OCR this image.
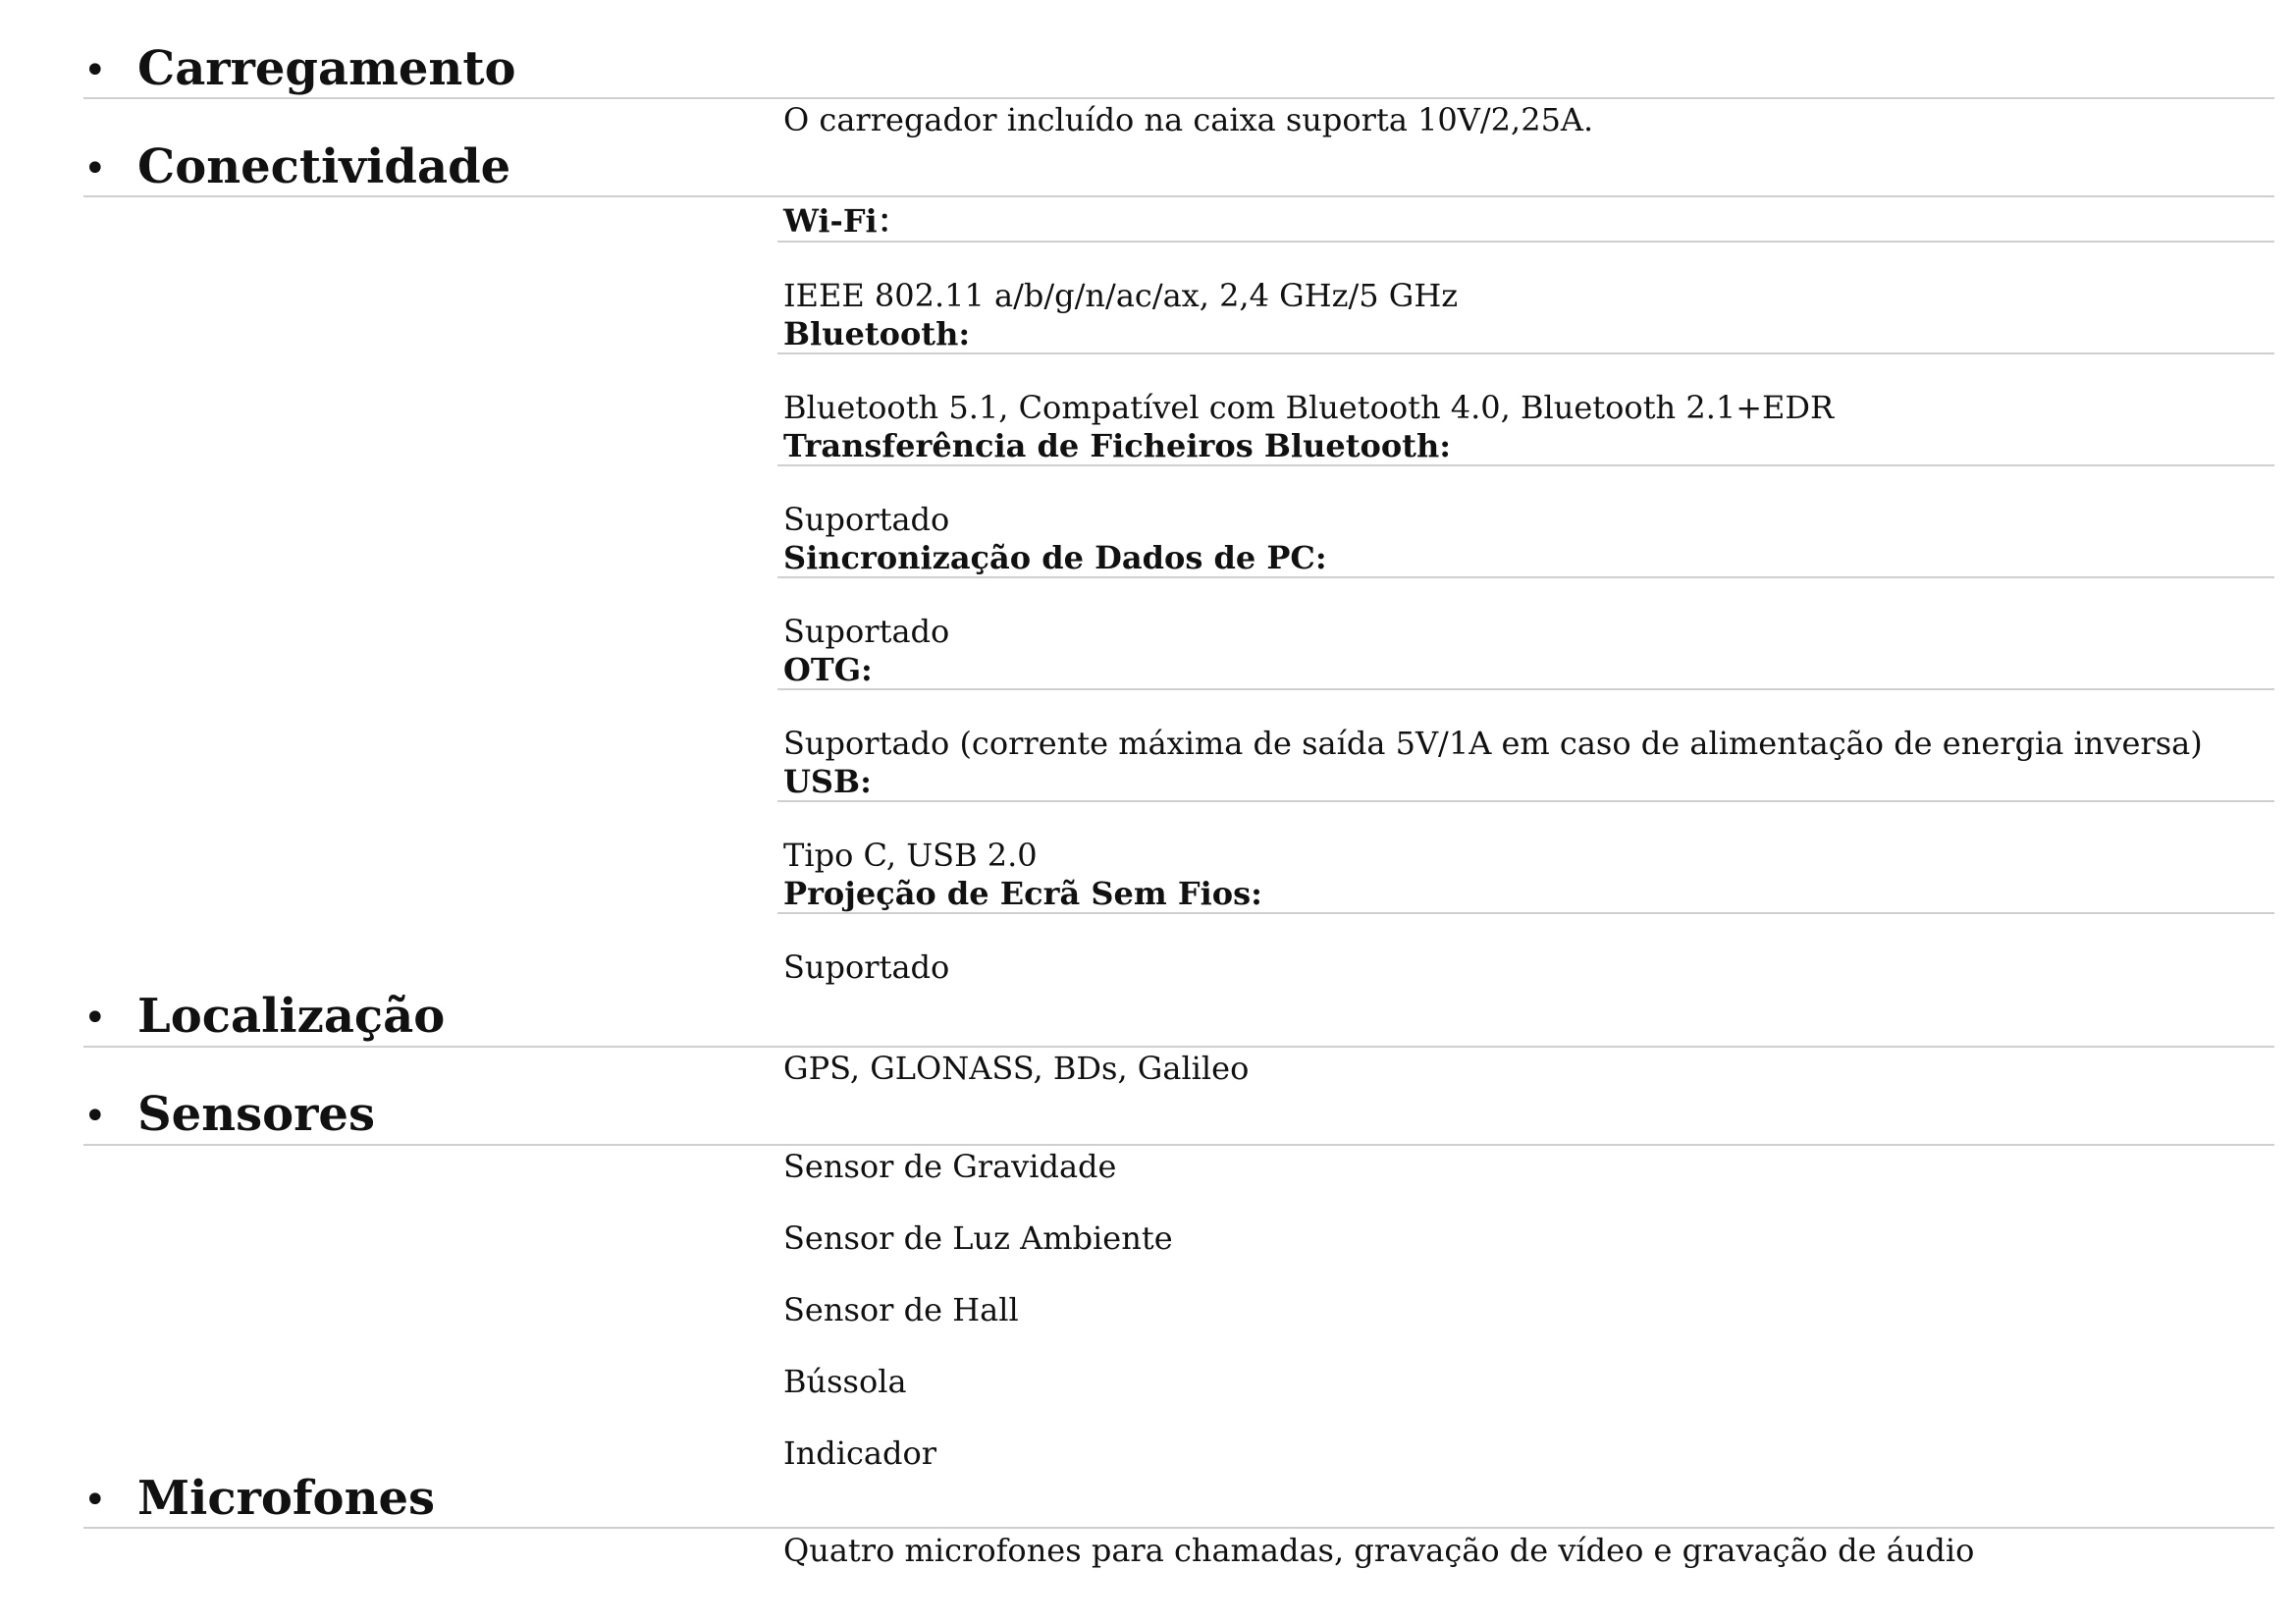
• Carregamento
O carregador incluído na caixa suporta 10V/2,25A.
• Conectividade
Wi-Fi：
IEEE 802.11 a/b/g/n/ac/ax, 2,4 GHz/5 GHz
Bluetooth:
Bluetooth 5.1, Compatível com Bluetooth 4.0, Bluetooth 2.1+EDR
Transferência de Ficheiros Bluetooth:
Suportado
Sincronização de Dados de PC:
Suportado
OTG:
Suportado (corrente máxima de saída 5V/1A em caso de alimentação de energia inversa)
USB:
Tipo C, USB 2.0
Projeção de Ecrã Sem Fios:
Suportado
• Localização
GPS, GLONASS, BDs, Galileo
• Sensores
Sensor de Gravidade
Sensor de Luz Ambiente
Sensor de Hall
Bússola
Indicador
• Microfones
Quatro microfones para chamadas, gravação de vídeo e gravação de áudio
